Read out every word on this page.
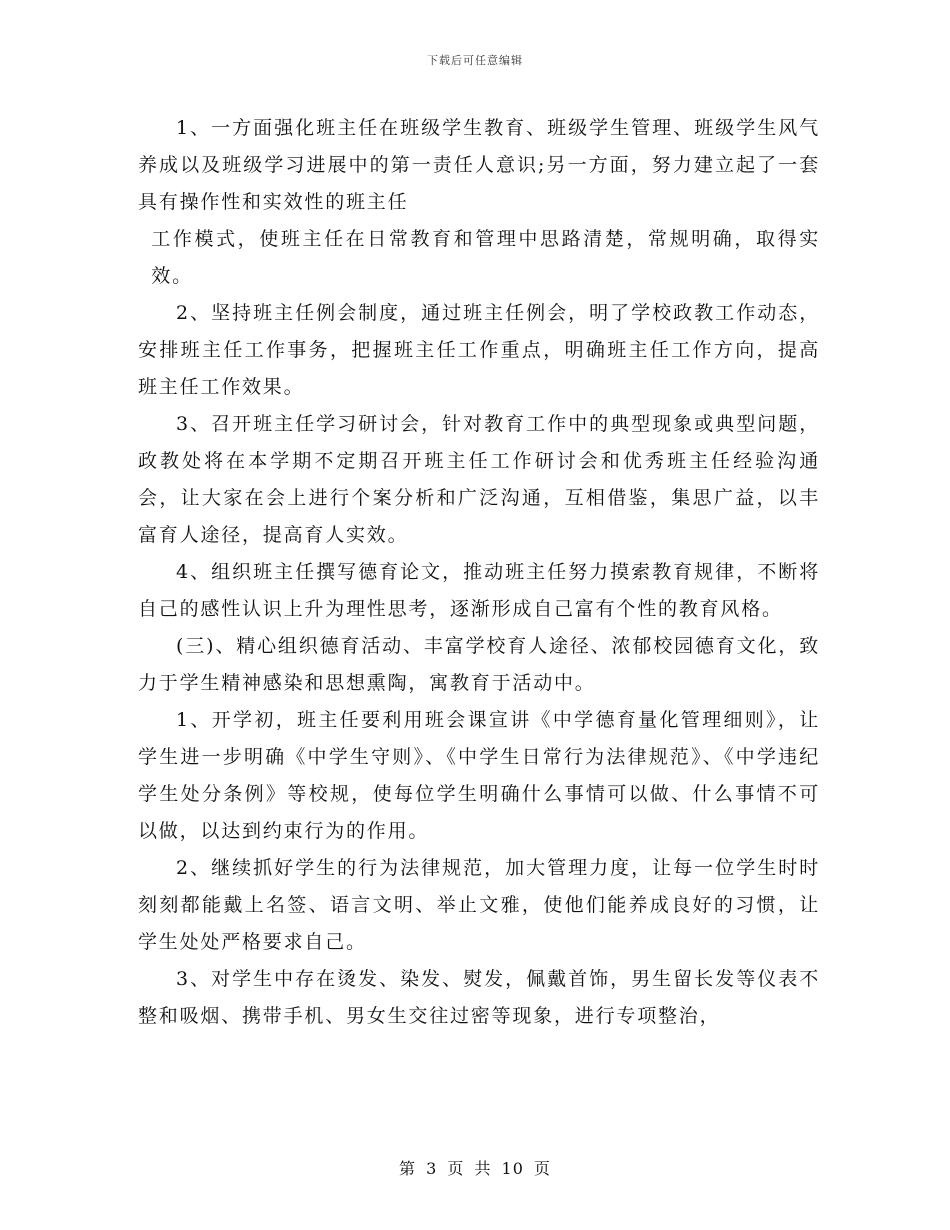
下载后可任意编辑

1、一方面强化班主任在班级学生教育、班级学生管理、班级学生风气养成以及班级学习进展中的第一责任人意识;另一方面，努力建立起了一套具有操作性和实效性的班主任

工作模式，使班主任在日常教育和管理中思路清楚，常规明确，取得实效。

2、坚持班主任例会制度，通过班主任例会，明了学校政教工作动态，安排班主任工作事务，把握班主任工作重点，明确班主任工作方向，提高班主任工作效果。

3、召开班主任学习研讨会，针对教育工作中的典型现象或典型问题，政教处将在本学期不定期召开班主任工作研讨会和优秀班主任经验沟通会，让大家在会上进行个案分析和广泛沟通，互相借鉴，集思广益，以丰富育人途径，提高育人实效。

4、组织班主任撰写德育论文，推动班主任努力摸索教育规律，不断将自己的感性认识上升为理性思考，逐渐形成自己富有个性的教育风格。

(三)、精心组织德育活动、丰富学校育人途径、浓郁校园德育文化，致力于学生精神感染和思想熏陶，寓教育于活动中。

1、开学初，班主任要利用班会课宣讲《中学德育量化管理细则》，让学生进一步明确《中学生守则》、《中学生日常行为法律规范》、《中学违纪学生处分条例》等校规，使每位学生明确什么事情可以做、什么事情不可以做，以达到约束行为的作用。

2、继续抓好学生的行为法律规范，加大管理力度，让每一位学生时时刻刻都能戴上名签、语言文明、举止文雅，使他们能养成良好的习惯，让学生处处严格要求自己。

3、对学生中存在烫发、染发、熨发，佩戴首饰，男生留长发等仪表不整和吸烟、携带手机、男女生交往过密等现象，进行专项整治，

第 3 页 共 10 页
